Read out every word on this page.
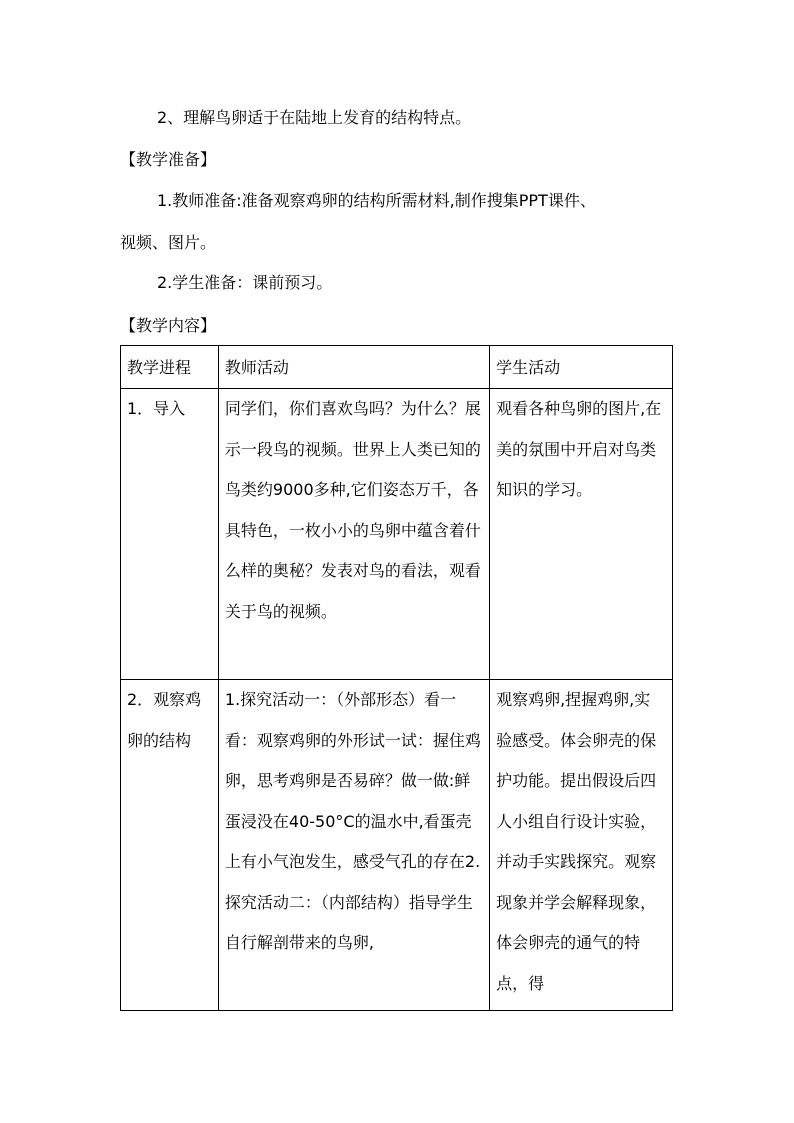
2、理解鸟卵适于在陆地上发育的结构特点。
【教学准备】
1.教师准备:准备观察鸡卵的结构所需材料,制作搜集PPT课件、
视频、图片。
2.学生准备：课前预习。
【教学内容】
教学进程	教师活动	学生活动
1．导入	同学们，你们喜欢鸟吗？为什么？展示一段鸟的视频。世界上人类已知的鸟类约9000多种,它们姿态万千，各具特色，一枚小小的鸟卵中蕴含着什么样的奥秘？发表对鸟的看法，观看关于鸟的视频。	观看各种鸟卵的图片,在美的氛围中开启对鸟类知识的学习。
2．观察鸡卵的结构	1.探究活动一：（外部形态）看一看：观察鸡卵的外形试一试：握住鸡卵，思考鸡卵是否易碎？做一做:鲜蛋浸没在40-50°C的温水中,看蛋壳上有小气泡发生，感受气孔的存在2.探究活动二：（内部结构）指导学生自行解剖带来的鸟卵,	观察鸡卵,捏握鸡卵,实验感受。体会卵壳的保护功能。提出假设后四人小组自行设计实验，并动手实践探究。观察现象并学会解释现象，体会卵壳的通气的特点，得
